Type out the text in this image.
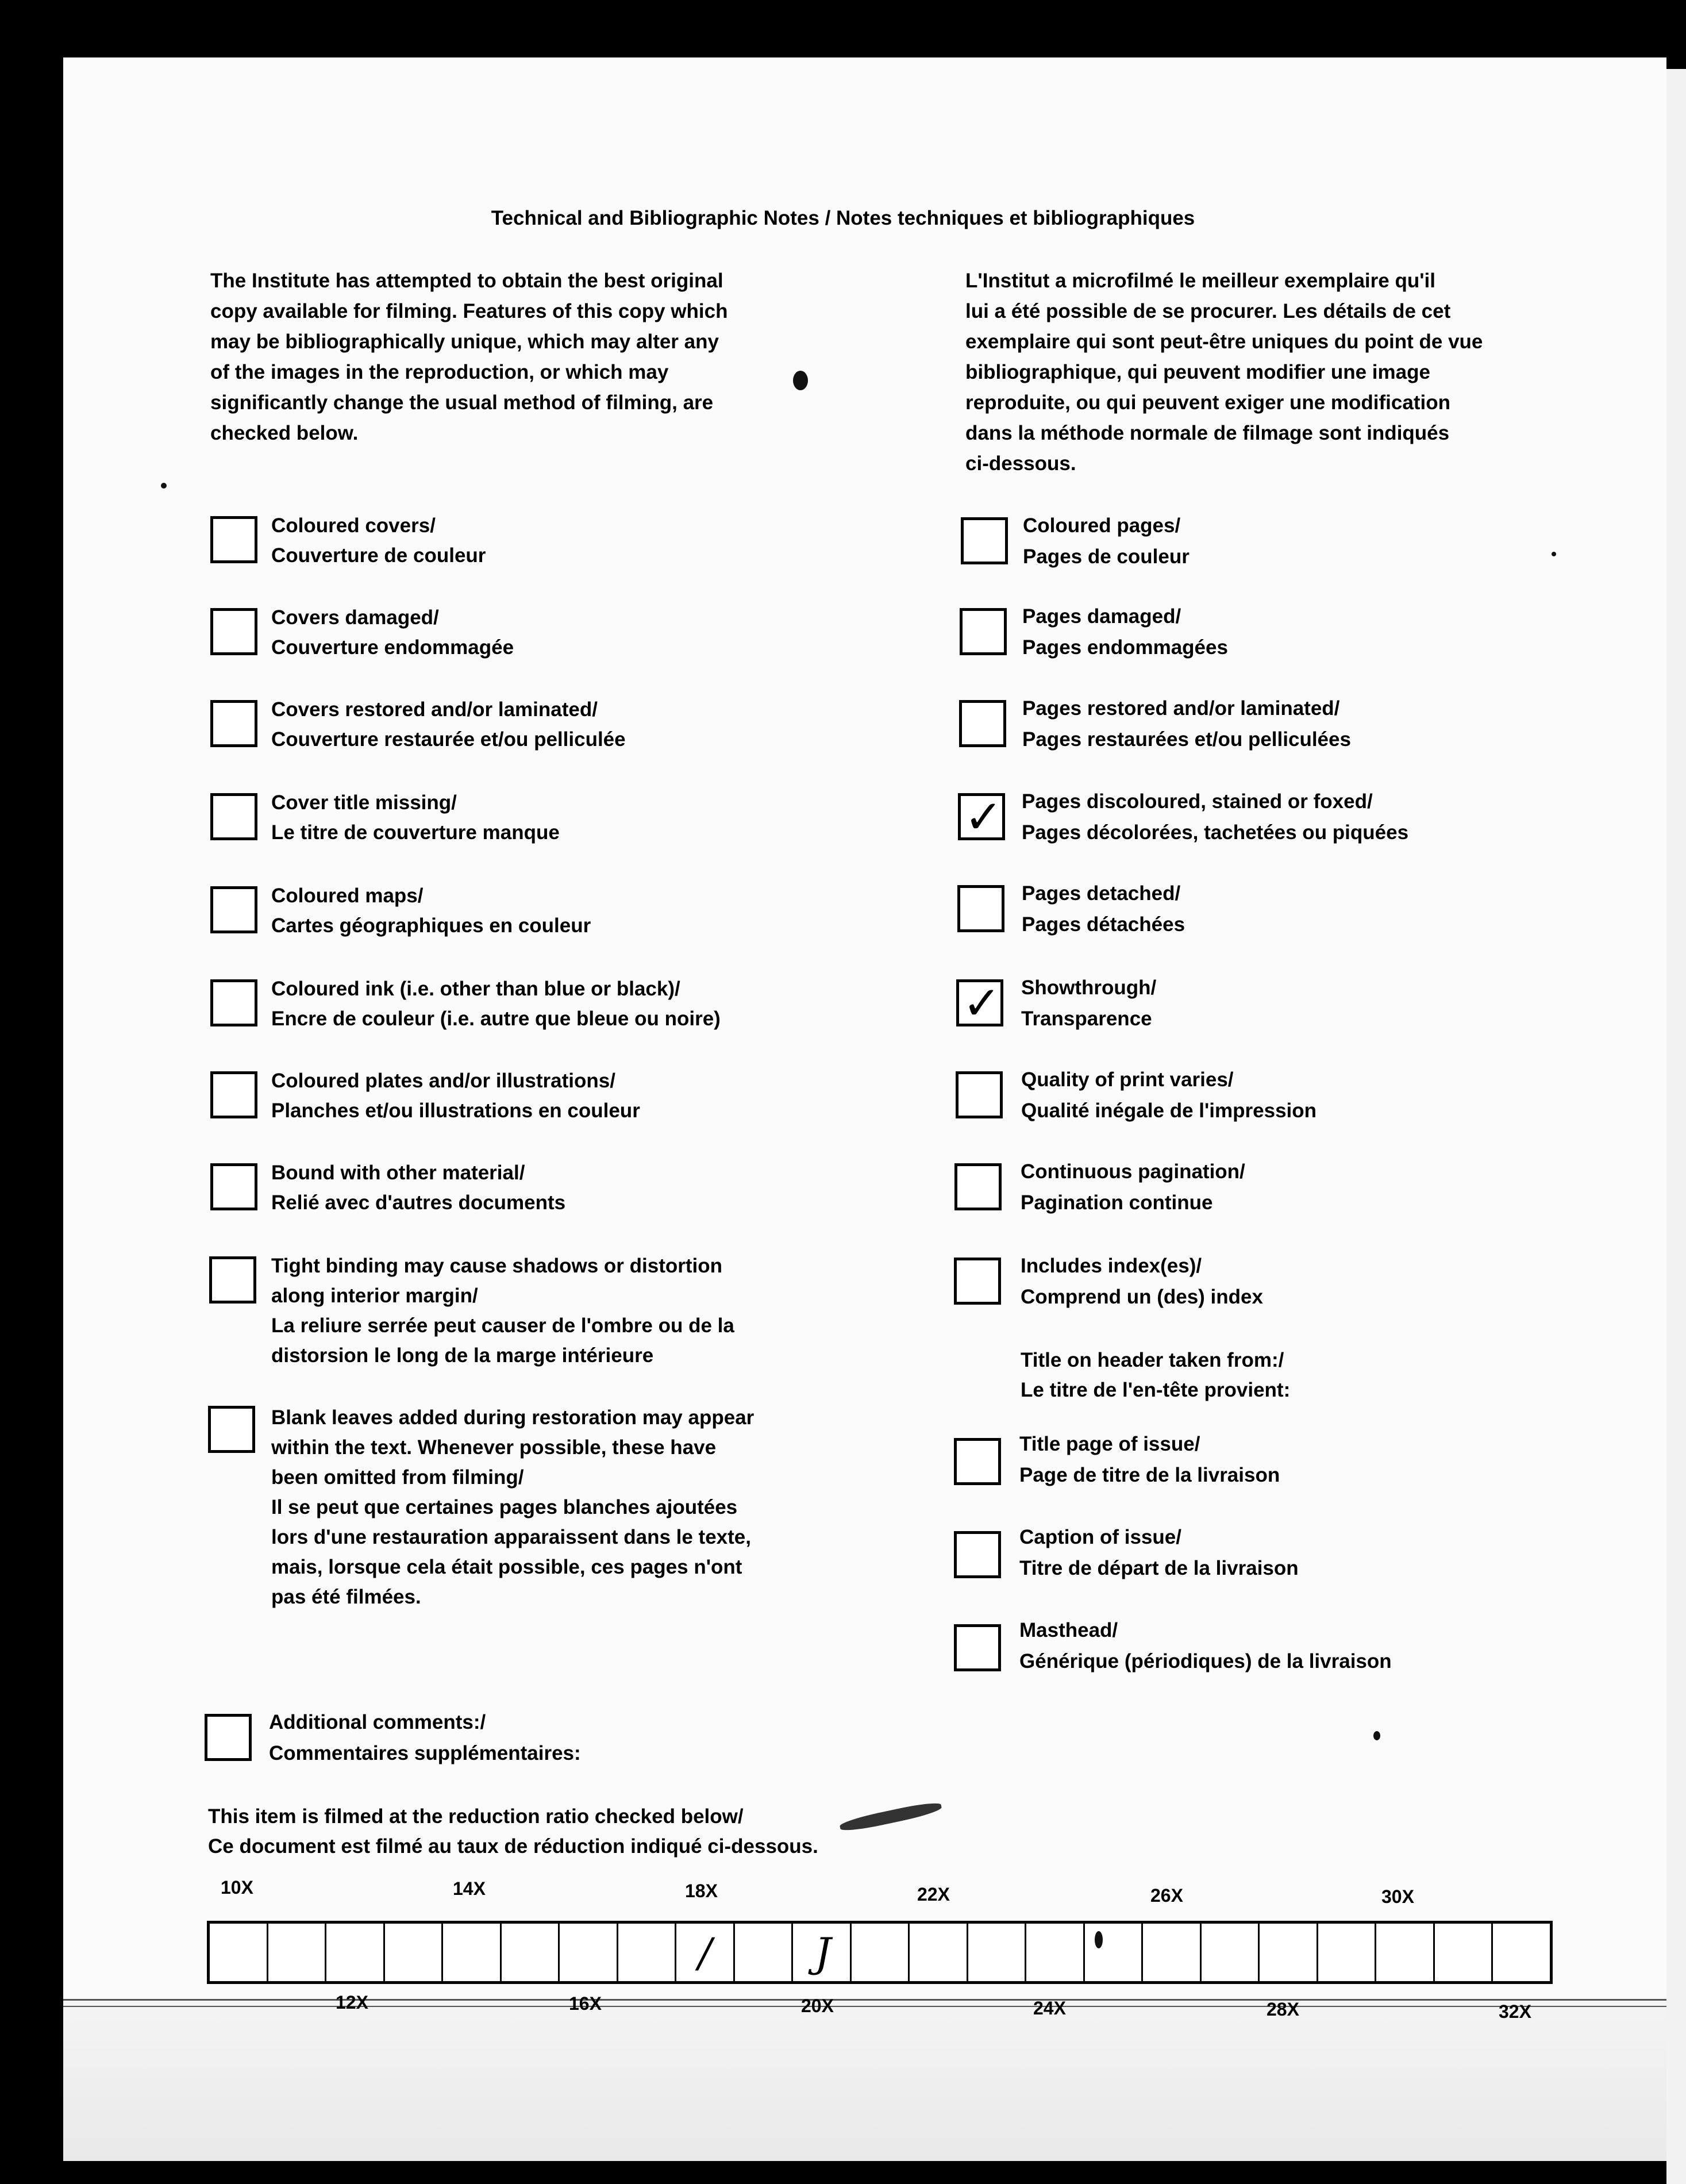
Technical and Bibliographic Notes / Notes techniques et bibliographiques
The Institute has attempted to obtain the best original
copy available for filming. Features of this copy which
may be bibliographically unique, which may alter any
of the images in the reproduction, or which may
significantly change the usual method of filming, are
checked below.
L'Institut a microfilmé le meilleur exemplaire qu'il
lui a été possible de se procurer. Les détails de cet
exemplaire qui sont peut-être uniques du point de vue
bibliographique, qui peuvent modifier une image
reproduite, ou qui peuvent exiger une modification
dans la méthode normale de filmage sont indiqués
ci-dessous.
Coloured covers/
Couverture de couleur
Covers damaged/
Couverture endommagée
Covers restored and/or laminated/
Couverture restaurée et/ou pelliculée
Cover title missing/
Le titre de couverture manque
Coloured maps/
Cartes géographiques en couleur
Coloured ink (i.e. other than blue or black)/
Encre de couleur (i.e. autre que bleue ou noire)
Coloured plates and/or illustrations/
Planches et/ou illustrations en couleur
Bound with other material/
Relié avec d'autres documents
Tight binding may cause shadows or distortion
along interior margin/
La reliure serrée peut causer de l'ombre ou de la
distorsion le long de la marge intérieure
Blank leaves added during restoration may appear
within the text. Whenever possible, these have
been omitted from filming/
Il se peut que certaines pages blanches ajoutées
lors d'une restauration apparaissent dans le texte,
mais, lorsque cela était possible, ces pages n'ont
pas été filmées.
Coloured pages/
Pages de couleur
Pages damaged/
Pages endommagées
Pages restored and/or laminated/
Pages restaurées et/ou pelliculées
✓ Pages discoloured, stained or foxed/
Pages décolorées, tachetées ou piquées
Pages detached/
Pages détachées
✓ Showthrough/
Transparence
Quality of print varies/
Qualité inégale de l'impression
Continuous pagination/
Pagination continue
Includes index(es)/
Comprend un (des) index
Title on header taken from:/
Le titre de l'en-tête provient:
Title page of issue/
Page de titre de la livraison
Caption of issue/
Titre de départ de la livraison
Masthead/
Générique (périodiques) de la livraison
Additional comments:/
Commentaires supplémentaires:
This item is filmed at the reduction ratio checked below/
Ce document est filmé au taux de réduction indiqué ci-dessous.
10X	14X	18X	22X	26X	30X
/	J
12X	16X	20X	24X	28X	32X
